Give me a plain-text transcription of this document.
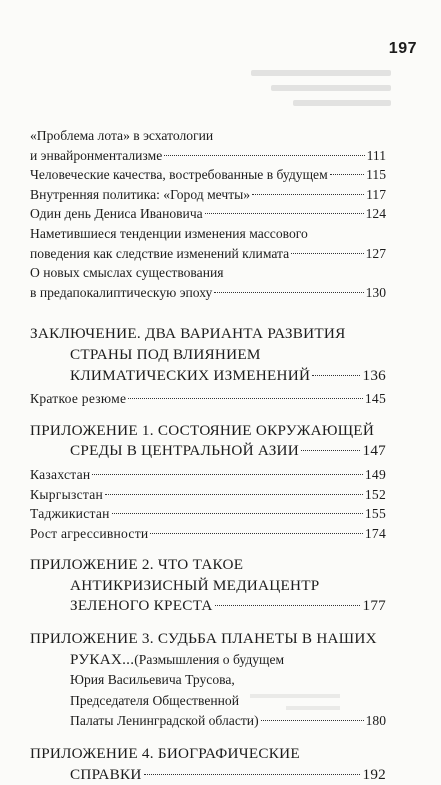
197
«Проблема лота» в эсхатологии
и энвайронментализме	111
Человеческие качества, востребованные в будущем	115
Внутренняя политика: «Город мечты»	117
Один день Дениса Ивановича	124
Наметившиеся тенденции изменения массового
поведения как следствие изменений климата	127
О новых смыслах существования
в предапокалиптическую эпоху	130
ЗАКЛЮЧЕНИЕ. ДВА ВАРИАНТА РАЗВИТИЯ
СТРАНЫ ПОД ВЛИЯНИЕМ
КЛИМАТИЧЕСКИХ ИЗМЕНЕНИЙ	136
Краткое резюме	145
ПРИЛОЖЕНИЕ 1. СОСТОЯНИЕ ОКРУЖАЮЩЕЙ
СРЕДЫ В ЦЕНТРАЛЬНОЙ АЗИИ	147
Казахстан	149
Кыргызстан	152
Таджикистан	155
Рост агрессивности	174
ПРИЛОЖЕНИЕ 2. ЧТО ТАКОЕ
АНТИКРИЗИСНЫЙ МЕДИАЦЕНТР
ЗЕЛЕНОГО КРЕСТА	177
ПРИЛОЖЕНИЕ 3. СУДЬБА ПЛАНЕТЫ В НАШИХ
РУКАХ... (Размышления о будущем
Юрия Васильевича Трусова,
Председателя Общественной
Палаты Ленинградской области)	180
ПРИЛОЖЕНИЕ 4. БИОГРАФИЧЕСКИЕ
СПРАВКИ	192
